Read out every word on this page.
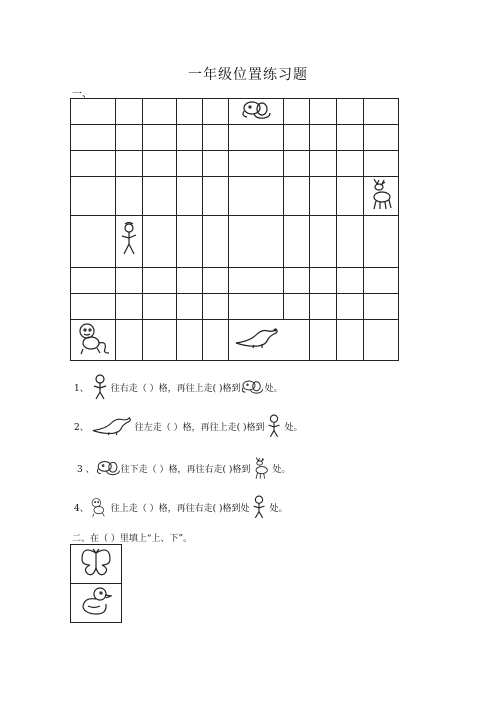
一年级位置练习题
一、

1、 往右走（ ）格，再往上走( )格到	处。
2、	往左走（ ）格，再往上走( )格到 处。
3 、	往下走（ ）格，再往右走( )格到 处。
4、 往上走（ ）格，再往右走( )格到处 处。
二、在（ ）里填上“上、下”。
